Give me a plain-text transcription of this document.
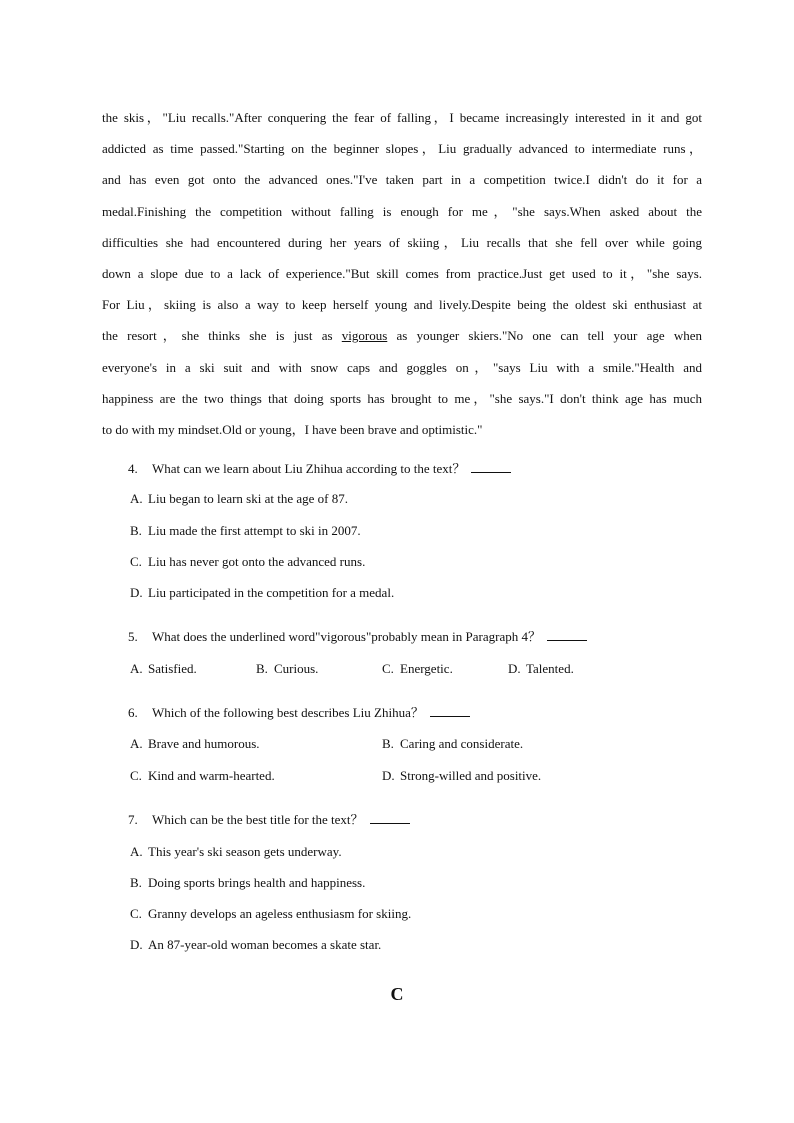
the skis，"Liu recalls."After conquering the fear of falling，I became increasingly interested in it and got
addicted as time passed."Starting on the beginner slopes，Liu gradually advanced to intermediate runs，
and has even got onto the advanced ones."I've taken part in a competition twice.I didn't do it for a
medal.Finishing the competition without falling is enough for me，"she says.When asked about the
difficulties she had encountered during her years of skiing，Liu recalls that she fell over while going
down a slope due to a lack of experience."But skill comes from practice.Just get used to it，"she says.
For Liu，skiing is also a way to keep herself young and lively.Despite being the oldest ski enthusiast at
the resort，she thinks she is just as vigorous as younger skiers."No one can tell your age when
everyone's in a ski suit and with snow caps and goggles on，"says Liu with a smile."Health and
happiness are the two things that doing sports has brought to me，"she says."I don't think age has much
to do with my mindset.Old or young，I have been brave and optimistic."
4. What can we learn about Liu Zhihua according to the text？
A. Liu began to learn ski at the age of 87.
B. Liu made the first attempt to ski in 2007.
C. Liu has never got onto the advanced runs.
D. Liu participated in the competition for a medal.
5. What does the underlined word"vigorous"probably mean in Paragraph 4？
A. Satisfied.	B. Curious.	C. Energetic.	D. Talented.
6. Which of the following best describes Liu Zhihua？
A. Brave and humorous.	B. Caring and considerate.
C. Kind and warm-hearted.	D. Strong-willed and positive.
7. Which can be the best title for the text？
A. This year's ski season gets underway.
B. Doing sports brings health and happiness.
C. Granny develops an ageless enthusiasm for skiing.
D. An 87-year-old woman becomes a skate star.
C
